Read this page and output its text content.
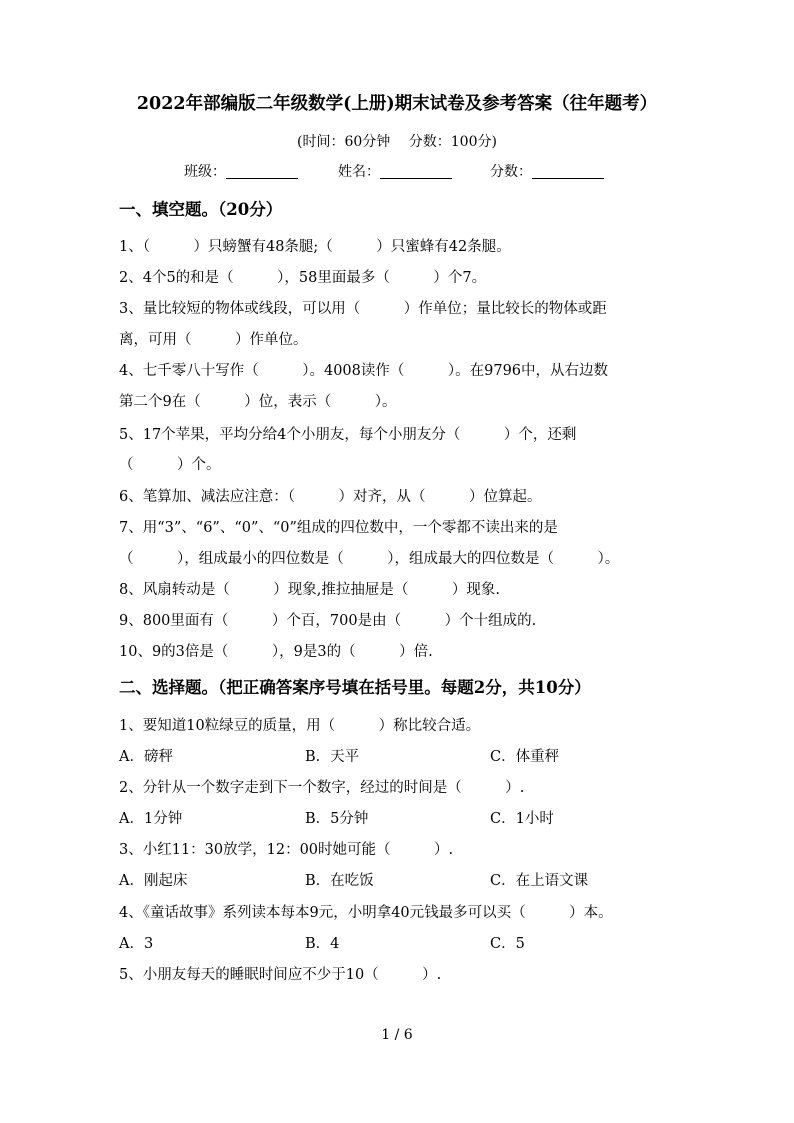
2022年部编版二年级数学(上册)期末试卷及参考答案（往年题考）
(时间：60分钟 分数：100分)
班级：	姓名：	分数：
一、填空题。（20分）
1、（　　　）只螃蟹有48条腿;（　　　）只蜜蜂有42条腿。
2、4个5的和是（　　　），58里面最多（　　　）个7。
3、量比较短的物体或线段，可以用（　　　）作单位；量比较长的物体或距
离，可用（　　　）作单位。
4、七千零八十写作（　　　）。4008读作（　　　）。在9796中，从右边数
第二个9在（　　　）位，表示（　　　）。
5、17个苹果，平均分给4个小朋友，每个小朋友分（　　　）个，还剩
（　　　）个。
6、笔算加、减法应注意：（　　　）对齐，从（　　　）位算起。
7、用“3”、“6”、“0”、“0”组成的四位数中，一个零都不读出来的是
（　　　），组成最小的四位数是（　　　），组成最大的四位数是（　　　）。
8、风扇转动是（　　　）现象,推拉抽屉是（　　　）现象.
9、800里面有（　　　）个百，700是由（　　　）个十组成的.
10、9的3倍是（　　　），9是3的（　　　）倍.
二、选择题。（把正确答案序号填在括号里。每题2分，共10分）
1、要知道10粒绿豆的质量，用（　　　）称比较合适。
A．磅秤	B．天平	C．体重秤
2、分针从一个数字走到下一个数字，经过的时间是（　　　）.
A．1分钟	B．5分钟	C．1小时
3、小红11：30放学，12：00时她可能（　　　）.
A．刚起床	B．在吃饭	C．在上语文课
4、《童话故事》系列读本每本9元，小明拿40元钱最多可以买（　　　）本。
A．3	B．4	C．5
5、小朋友每天的睡眠时间应不少于10（　　　）.
1 / 6
